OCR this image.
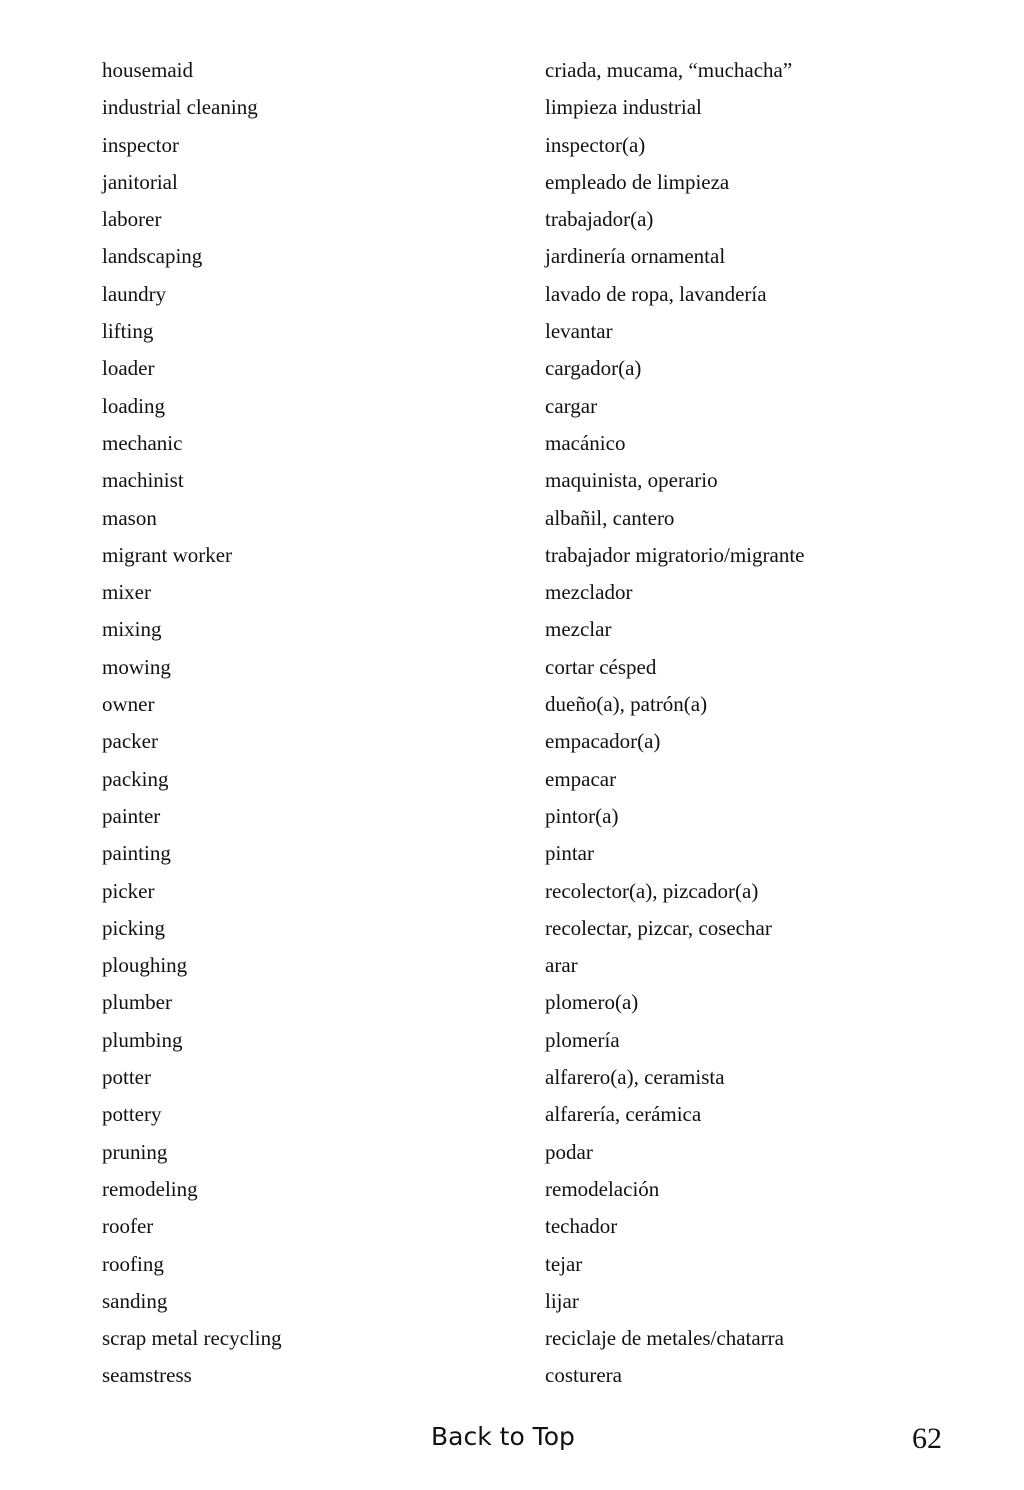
housemaid	criada, mucama, “muchacha”
industrial cleaning	limpieza industrial
inspector	inspector(a)
janitorial	empleado de limpieza
laborer	trabajador(a)
landscaping	jardinería ornamental
laundry	lavado de ropa, lavandería
lifting	levantar
loader	cargador(a)
loading	cargar
mechanic	macánico
machinist	maquinista, operario
mason	albañil, cantero
migrant worker	trabajador migratorio/migrante
mixer	mezclador
mixing	mezclar
mowing	cortar césped
owner	dueño(a), patrón(a)
packer	empacador(a)
packing	empacar
painter	pintor(a)
painting	pintar
picker	recolector(a), pizcador(a)
picking	recolectar, pizcar, cosechar
ploughing	arar
plumber	plomero(a)
plumbing	plomería
potter	alfarero(a), ceramista
pottery	alfarería, cerámica
pruning	podar
remodeling	remodelación
roofer	techador
roofing	tejar
sanding	lijar
scrap metal recycling	reciclaje de metales/chatarra
seamstress	costurera
Back to Top	62
